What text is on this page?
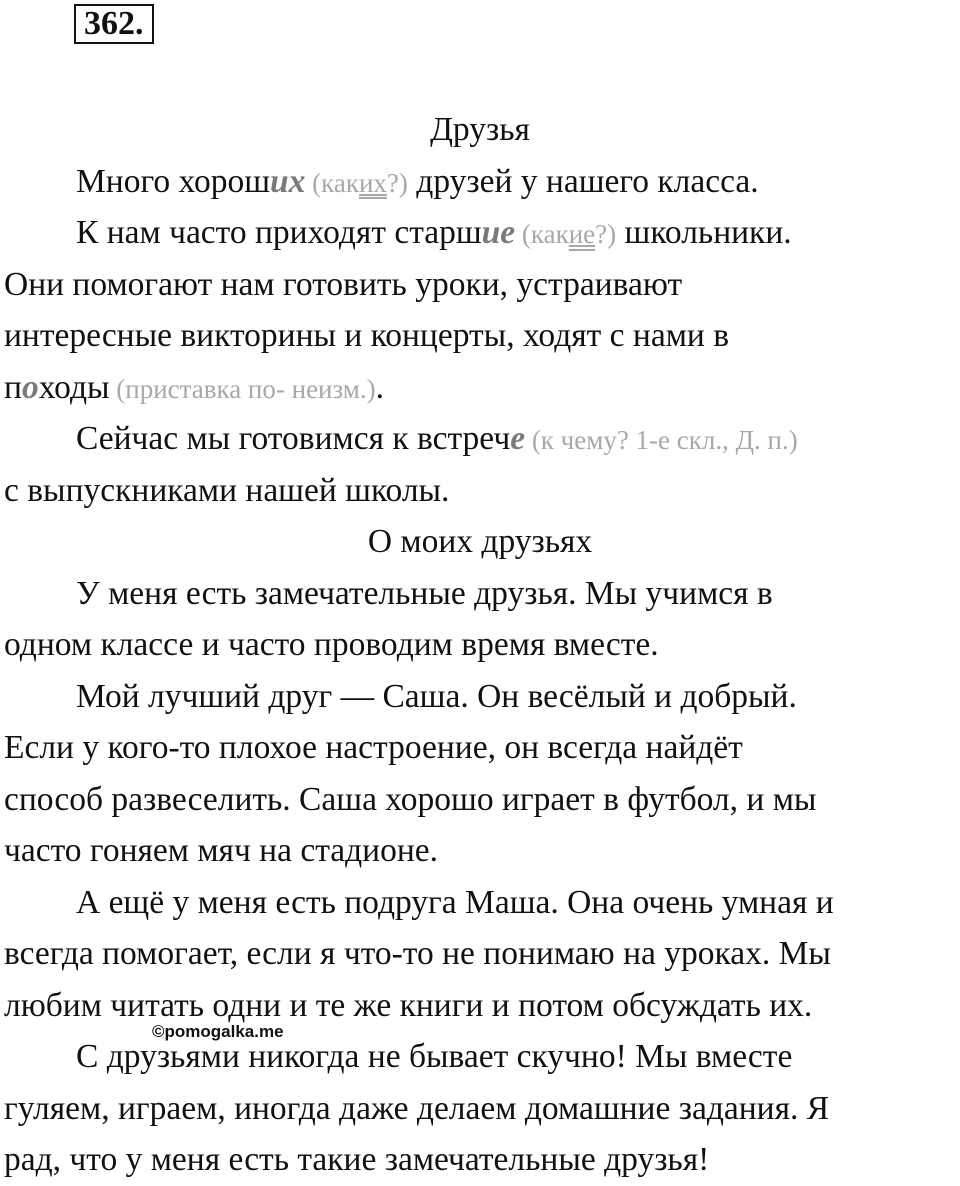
362.
Друзья
Много хороших (каких?) друзей у нашего класса.
К нам часто приходят старшие (какие?) школьники.
Они помогают нам готовить уроки, устраивают
интересные викторины и концерты, ходят с нами в
походы (приставка по- неизм.).
Сейчас мы готовимся к встрече (к чему? 1-е скл., Д. п.)
с выпускниками нашей школы.
О моих друзьях
У меня есть замечательные друзья. Мы учимся в
одном классе и часто проводим время вместе.
Мой лучший друг — Саша. Он весёлый и добрый.
Если у кого-то плохое настроение, он всегда найдёт
способ развеселить. Саша хорошо играет в футбол, и мы
часто гоняем мяч на стадионе.
А ещё у меня есть подруга Маша. Она очень умная и
всегда помогает, если я что-то не понимаю на уроках. Мы
любим читать одни и те же книги и потом обсуждать их.
С друзьями никогда не бывает скучно! Мы вместе
гуляем, играем, иногда даже делаем домашние задания. Я
рад, что у меня есть такие замечательные друзья!
©pomogalka.me
